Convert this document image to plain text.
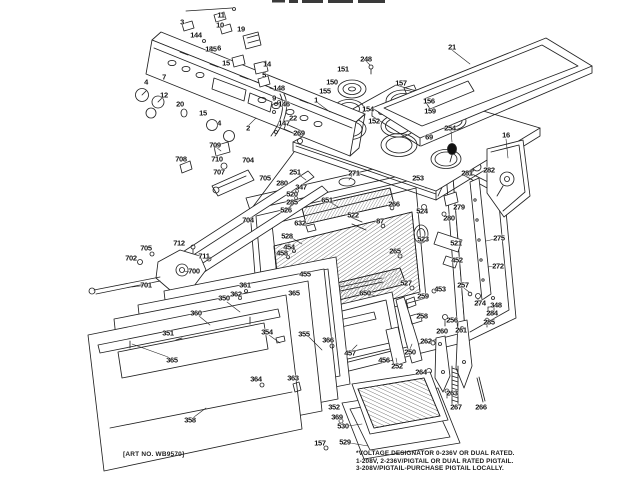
3
11
10
144
145 6
19
15	14
5
148
9
146
147
22
4
7
12
20
15
4
2
269
248
151
150
155
1
154
152
157
156
159
69
21
254
16
709
708	710
707
712
711
705
702
700
701
704
705
704
251	271
280 347
520
285
526
651
522
87
266
632
528
454
458
455
365	650
265
253
281 282
279
280
524
523	521
452
275
272
257
527
453
259
258
250
456
252
274 348
284
285
256
260 261
262
264
263
267 266
361
362
350
360
351
365
354	355
366
457
364	363
358
352
369
530
529
157
[ART NO. WB9570]	*VOLTAGE DESIGNATOR 0-236V OR DUAL RATED.
1-208V, 2-236V/PIGTAIL OR DUAL RATED PIGTAIL.
3-208V/PIGTAIL-PURCHASE PIGTAIL LOCALLY.
